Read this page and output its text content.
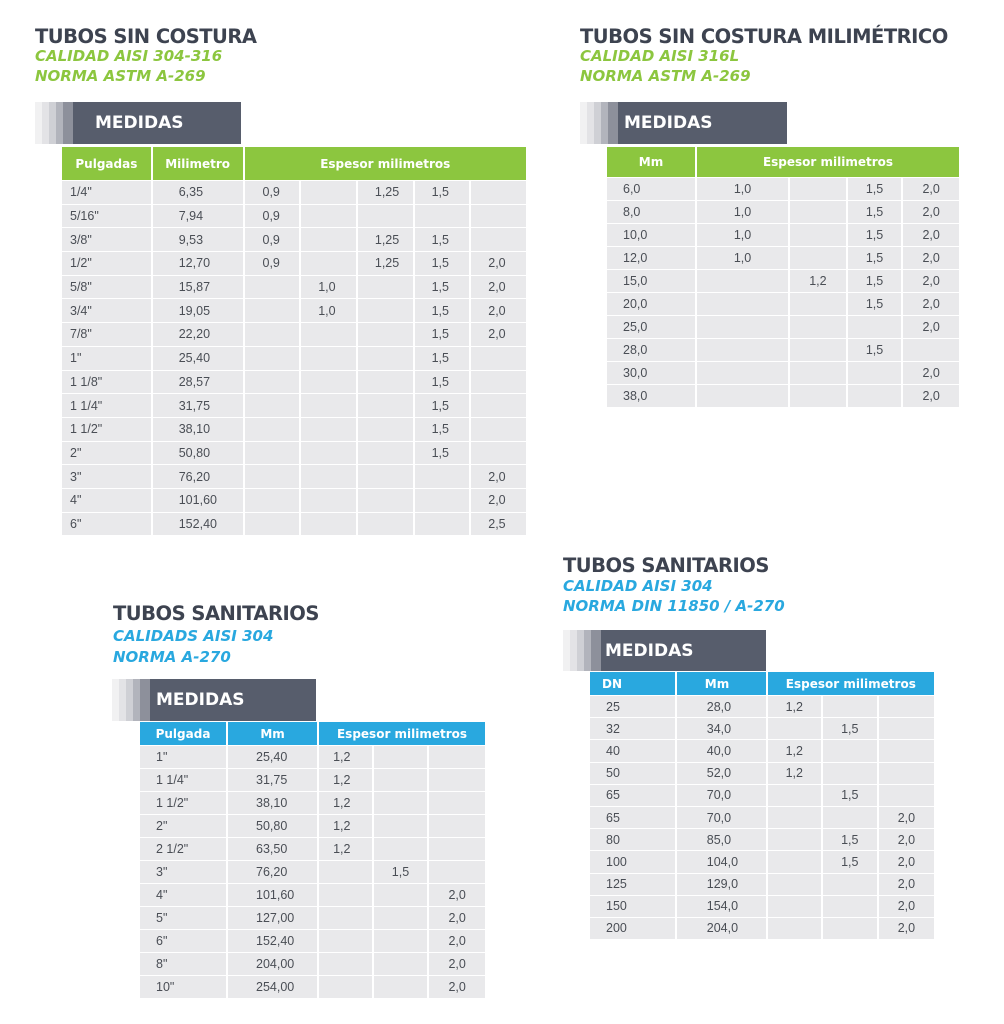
TUBOS SIN COSTURA
CALIDAD AISI 304-316
NORMA ASTM A-269
MEDIDAS
Pulgadas	Milimetro	Espesor milimetros				
1/4"	6,35	0,9		1,25	1,5	
5/16"	7,94	0,9				
3/8"	9,53	0,9		1,25	1,5	
1/2"	12,70	0,9		1,25	1,5	2,0
5/8"	15,87		1,0		1,5	2,0
3/4"	19,05		1,0		1,5	2,0
7/8"	22,20				1,5	2,0
1"	25,40				1,5	
1 1/8"	28,57				1,5	
1 1/4"	31,75				1,5	
1 1/2"	38,10				1,5	
2"	50,80				1,5	
3"	76,20					2,0
4"	101,60					2,0
6"	152,40					2,5
TUBOS SIN COSTURA MILIMÉTRICO
CALIDAD AISI 316L
NORMA ASTM A-269
MEDIDAS
Mm	Espesor milimetros			
6,0	1,0		1,5	2,0
8,0	1,0		1,5	2,0
10,0	1,0		1,5	2,0
12,0	1,0		1,5	2,0
15,0		1,2	1,5	2,0
20,0			1,5	2,0
25,0				2,0
28,0			1,5	
30,0				2,0
38,0				2,0
TUBOS SANITARIOS
CALIDADS AISI 304
NORMA A-270
MEDIDAS
Pulgada	Mm	Espesor milimetros		
1"	25,40	1,2		
1 1/4"	31,75	1,2		
1 1/2"	38,10	1,2		
2"	50,80	1,2		
2 1/2"	63,50	1,2		
3"	76,20		1,5	
4"	101,60			2,0
5"	127,00			2,0
6"	152,40			2,0
8"	204,00			2,0
10"	254,00			2,0
TUBOS SANITARIOS
CALIDAD AISI 304
NORMA DIN 11850 / A-270
MEDIDAS
DN	Mm	Espesor milimetros		
25	28,0	1,2		
32	34,0		1,5	
40	40,0	1,2		
50	52,0	1,2		
65	70,0		1,5	
65	70,0			2,0
80	85,0		1,5	2,0
100	104,0		1,5	2,0
125	129,0			2,0
150	154,0			2,0
200	204,0			2,0
